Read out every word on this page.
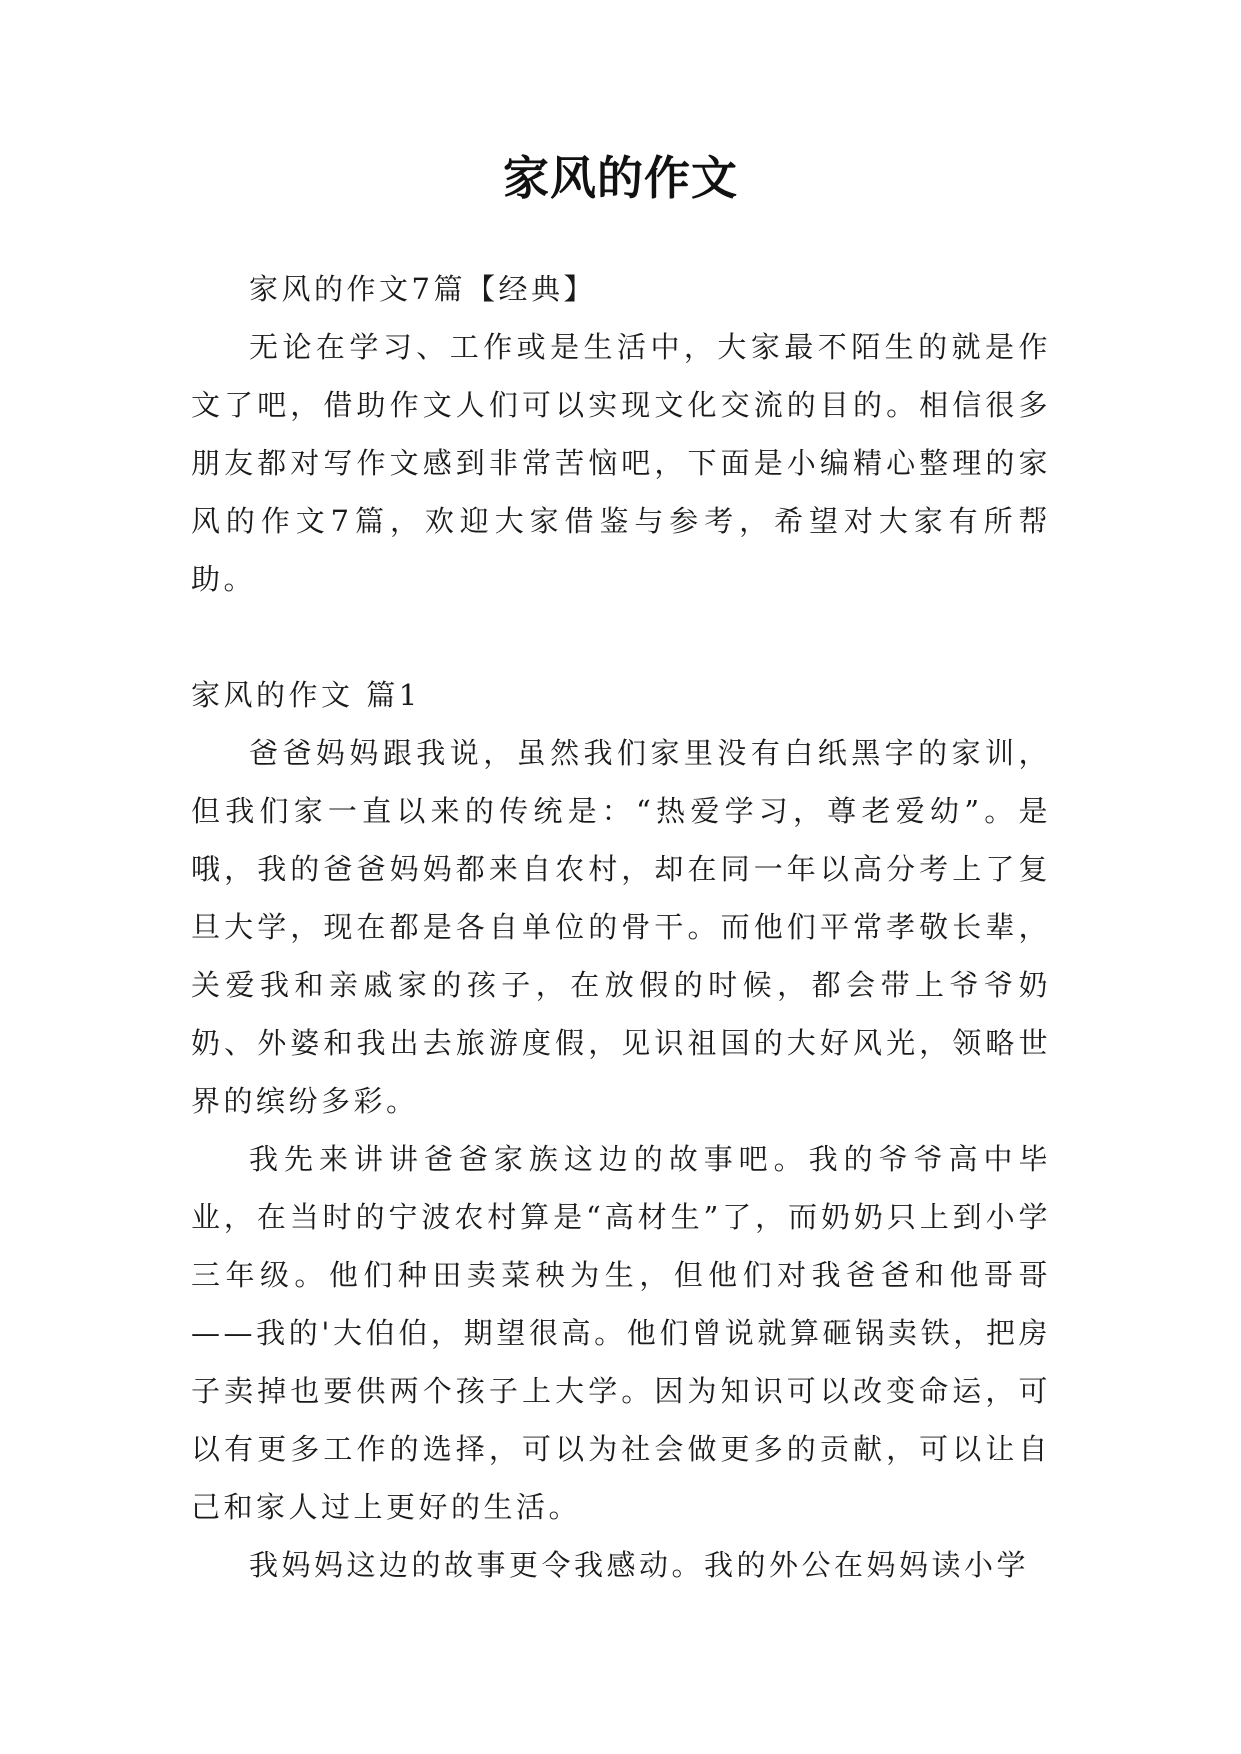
家风的作文

家风的作文7篇【经典】

无论在学习、工作或是生活中，大家最不陌生的就是作文了吧，借助作文人们可以实现文化交流的目的。相信很多朋友都对写作文感到非常苦恼吧，下面是小编精心整理的家风的作文7篇，欢迎大家借鉴与参考，希望对大家有所帮助。

家风的作文 篇1

爸爸妈妈跟我说，虽然我们家里没有白纸黑字的家训，但我们家一直以来的传统是：“热爱学习，尊老爱幼”。是哦，我的爸爸妈妈都来自农村，却在同一年以高分考上了复旦大学，现在都是各自单位的骨干。而他们平常孝敬长辈，关爱我和亲戚家的孩子，在放假的时候，都会带上爷爷奶奶、外婆和我出去旅游度假，见识祖国的大好风光，领略世界的缤纷多彩。

我先来讲讲爸爸家族这边的故事吧。我的爷爷高中毕业，在当时的宁波农村算是“高材生”了，而奶奶只上到小学三年级。他们种田卖菜秧为生，但他们对我爸爸和他哥哥——我的'大伯伯，期望很高。他们曾说就算砸锅卖铁，把房子卖掉也要供两个孩子上大学。因为知识可以改变命运，可以有更多工作的选择，可以为社会做更多的贡献，可以让自己和家人过上更好的生活。

我妈妈这边的故事更令我感动。我的外公在妈妈读小学
